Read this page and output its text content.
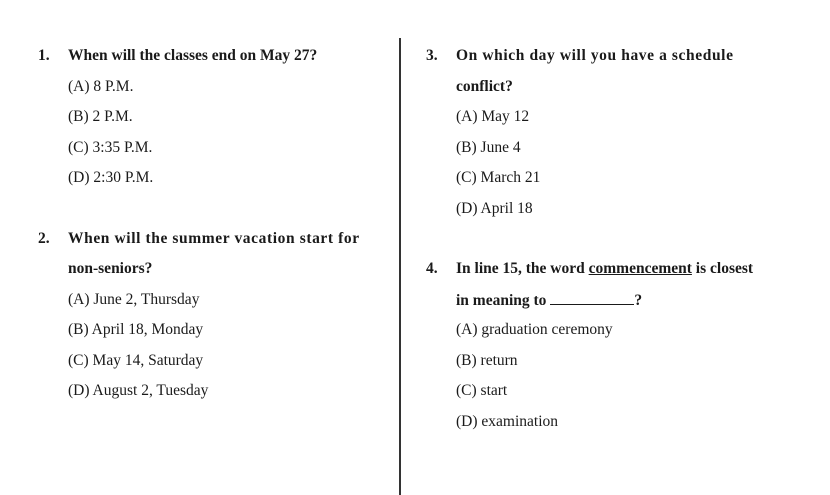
1. When will the classes end on May 27?
(A) 8 P.M.
(B) 2 P.M.
(C) 3:35 P.M.
(D) 2:30 P.M.
2. When will the summer vacation start for
non-seniors?
(A) June 2, Thursday
(B) April 18, Monday
(C) May 14, Saturday
(D) August 2, Tuesday
3. On which day will you have a schedule
conflict?
(A) May 12
(B) June 4
(C) March 21
(D) April 18
4. In line 15, the word commencement is closest
in meaning to	?
(A) graduation ceremony
(B) return
(C) start
(D) examination
